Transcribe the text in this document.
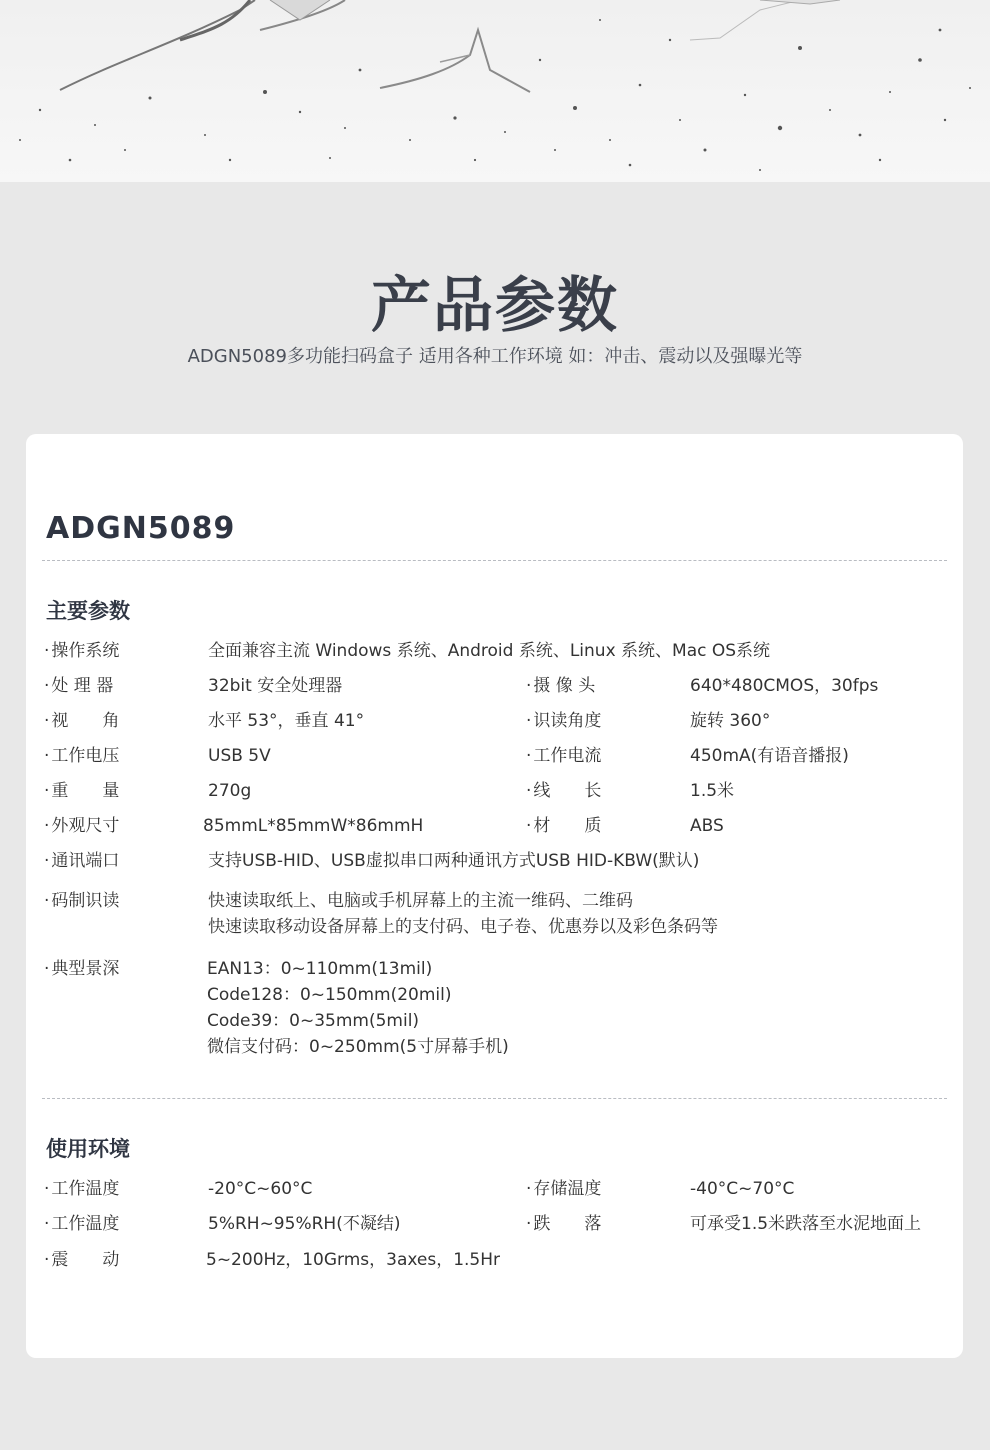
产品参数
ADGN5089多功能扫码盒子 适用各种工作环境 如：冲击、震动以及强曝光等
ADGN5089
主要参数
· 操作系统	全面兼容主流 Windows 系统、Android 系统、Linux 系统、Mac OS系统
· 处 理 器	32bit 安全处理器	· 摄 像 头	640*480CMOS，30fps
· 视　　角	水平 53°，垂直 41°	· 识读角度	旋转 360°
· 工作电压	USB 5V	· 工作电流	450mA(有语音播报)
· 重　　量	270g	· 线　　长	1.5米
· 外观尺寸	85mmL*85mmW*86mmH	· 材　　质	ABS
· 通讯端口	支持USB-HID、USB虚拟串口两种通讯方式USB HID-KBW(默认)
· 码制识读	快速读取纸上、电脑或手机屏幕上的主流一维码、二维码
快速读取移动设备屏幕上的支付码、电子卷、优惠券以及彩色条码等
· 典型景深	EAN13：0~110mm(13mil)
Code128：0~150mm(20mil)
Code39：0~35mm(5mil)
微信支付码：0~250mm(5寸屏幕手机)
使用环境
· 工作温度	-20°C~60°C	· 存储温度	-40°C~70°C
· 工作温度	5%RH~95%RH(不凝结)	· 跌　　落	可承受1.5米跌落至水泥地面上
· 震　　动	5~200Hz，10Grms，3axes，1.5Hr
